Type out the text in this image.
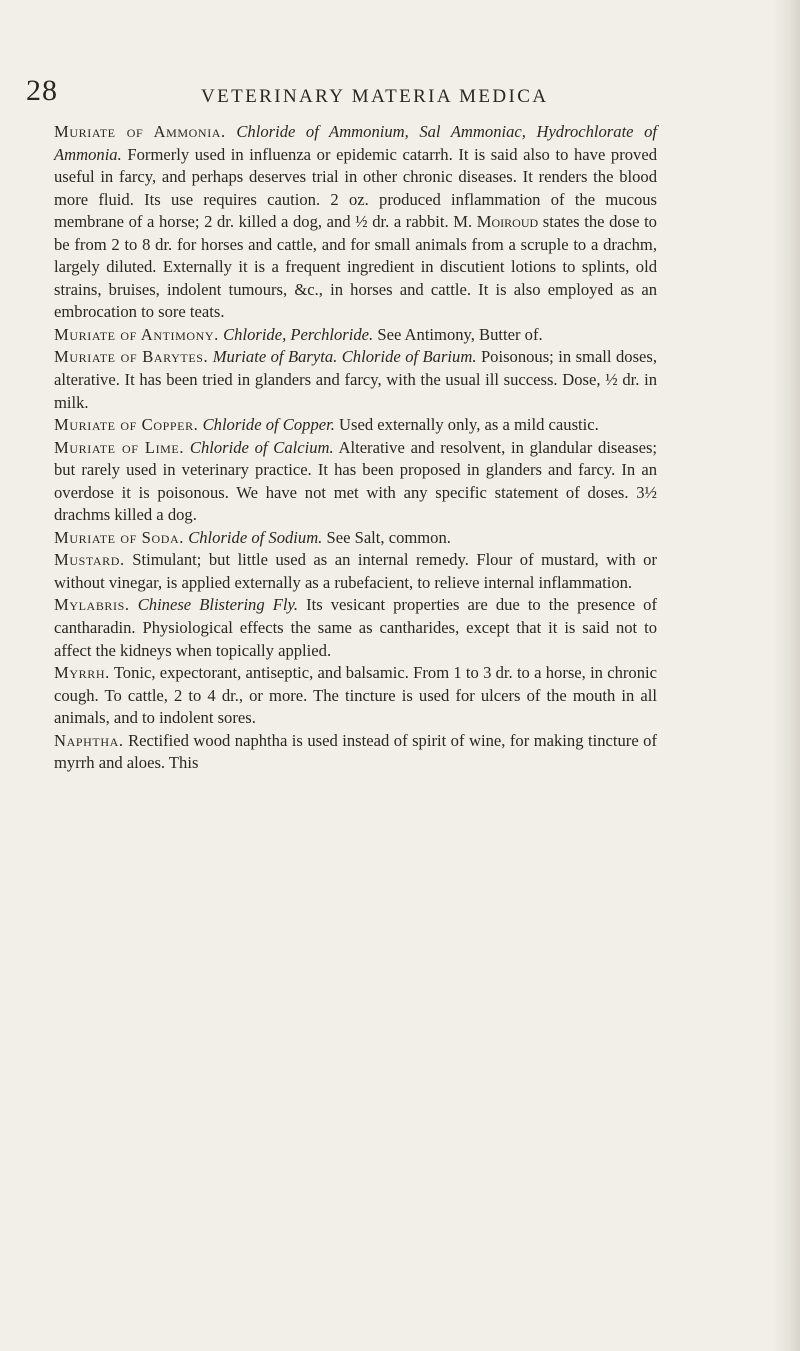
28	VETERINARY MATERIA MEDICA

Muriate of Ammonia. Chloride of Ammonium, Sal Ammoniac, Hydrochlorate of Ammonia. Formerly used in influenza or epidemic catarrh. It is said also to have proved useful in farcy, and perhaps deserves trial in other chronic diseases. It renders the blood more fluid. Its use requires caution. 2 oz. produced inflammation of the mucous membrane of a horse; 2 dr. killed a dog, and ½ dr. a rabbit. M. Moiroud states the dose to be from 2 to 8 dr. for horses and cattle, and for small animals from a scruple to a drachm, largely diluted. Externally it is a frequent ingredient in discutient lotions to splints, old strains, bruises, indolent tumours, &c., in horses and cattle. It is also employed as an embrocation to sore teats.

Muriate of Antimony. Chloride, Perchloride. See Antimony, Butter of.

Muriate of Barytes. Muriate of Baryta. Chloride of Barium. Poisonous; in small doses, alterative. It has been tried in glanders and farcy, with the usual ill success. Dose, ½ dr. in milk.

Muriate of Copper. Chloride of Copper. Used externally only, as a mild caustic.

Muriate of Lime. Chloride of Calcium. Alterative and resolvent, in glandular diseases; but rarely used in veterinary practice. It has been proposed in glanders and farcy. In an overdose it is poisonous. We have not met with any specific statement of doses. 3½ drachms killed a dog.

Muriate of Soda. Chloride of Sodium. See Salt, common.

Mustard. Stimulant; but little used as an internal remedy. Flour of mustard, with or without vinegar, is applied externally as a rubefacient, to relieve internal inflammation.

Mylabris. Chinese Blistering Fly. Its vesicant properties are due to the presence of cantharadin. Physiological effects the same as cantharides, except that it is said not to affect the kidneys when topically applied.

Myrrh. Tonic, expectorant, antiseptic, and balsamic. From 1 to 3 dr. to a horse, in chronic cough. To cattle, 2 to 4 dr., or more. The tincture is used for ulcers of the mouth in all animals, and to indolent sores.

Naphtha. Rectified wood naphtha is used instead of spirit of wine, for making tincture of myrrh and aloes. This
